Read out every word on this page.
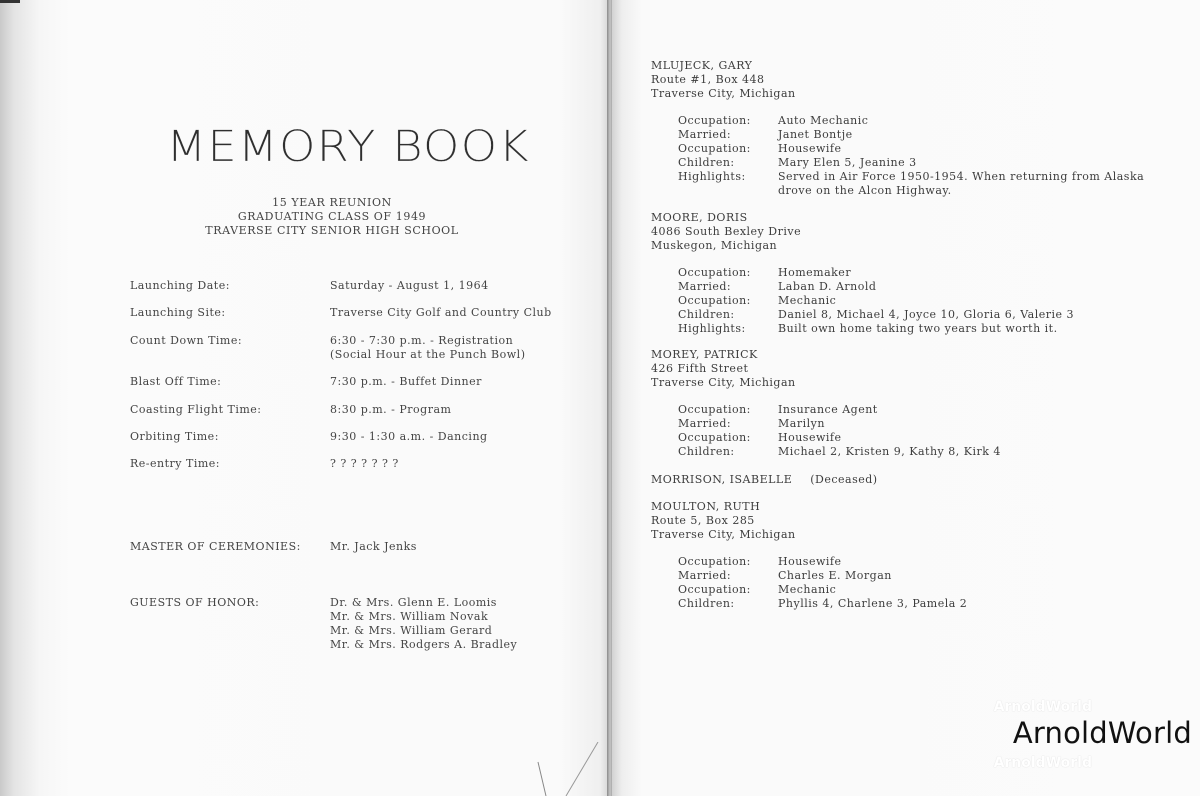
MEMORY BOOK
15 YEAR REUNION
GRADUATING CLASS OF 1949
TRAVERSE CITY SENIOR HIGH SCHOOL
Launching Date:	Saturday - August 1, 1964
Launching Site:	Traverse City Golf and Country Club
Count Down Time:	6:30 - 7:30 p.m. - Registration
(Social Hour at the Punch Bowl)
Blast Off Time:	7:30 p.m. - Buffet Dinner
Coasting Flight Time:	8:30 p.m. - Program
Orbiting Time:	9:30 - 1:30 a.m. - Dancing
Re-entry Time:	? ? ? ? ? ? ?
MASTER OF CEREMONIES:	Mr. Jack Jenks
GUESTS OF HONOR:	Dr. & Mrs. Glenn E. Loomis
Mr. & Mrs. William Novak
Mr. & Mrs. William Gerard
Mr. & Mrs. Rodgers A. Bradley
MLUJECK, GARY
Route #1, Box 448
Traverse City, Michigan
Occupation: Auto Mechanic
Married:	Janet Bontje
Occupation: Housewife
Children:	Mary Elen 5, Jeanine 3
Highlights:	Served in Air Force 1950-1954. When returning from Alaska drove on the Alcon Highway.
MOORE, DORIS
4086 South Bexley Drive
Muskegon, Michigan
Occupation: Homemaker
Married:	Laban D. Arnold
Occupation: Mechanic
Children:	Daniel 8, Michael 4, Joyce 10, Gloria 6, Valerie 3
Highlights:	Built own home taking two years but worth it.
MOREY, PATRICK
426 Fifth Street
Traverse City, Michigan
Occupation: Insurance Agent
Married:	Marilyn
Occupation: Housewife
Children:	Michael 2, Kristen 9, Kathy 8, Kirk 4
MORRISON, ISABELLE (Deceased)
MOULTON, RUTH
Route 5, Box 285
Traverse City, Michigan
Occupation: Housewife
Married:	Charles E. Morgan
Occupation: Mechanic
Children:	Phyllis 4, Charlene 3, Pamela 2
ArnoldWorld
ArnoldWorld
ArnoldWorld
